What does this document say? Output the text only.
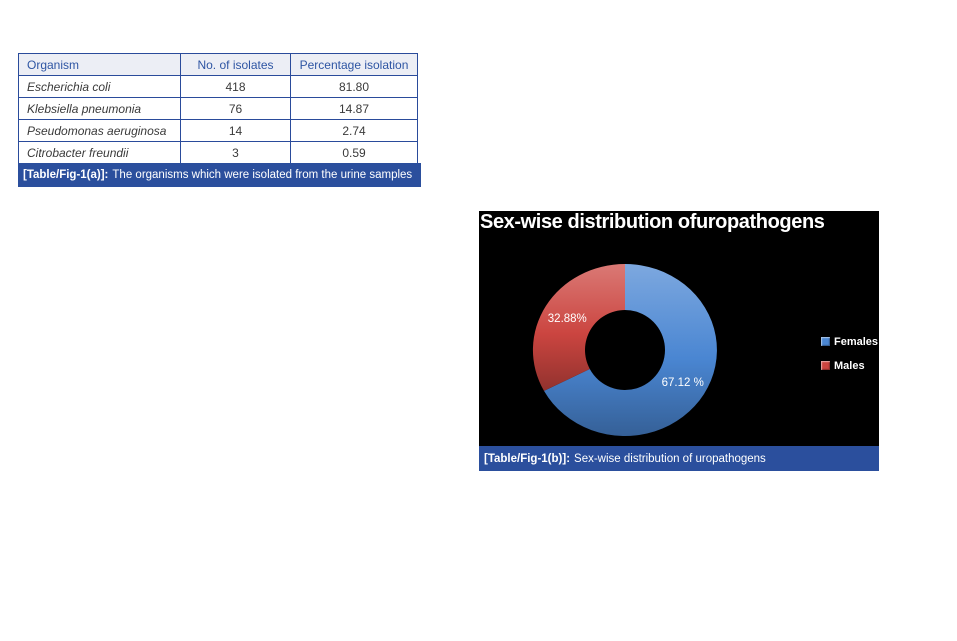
Organism	No. of isolates	Percentage isolation
Escherichia coli	418	81.80
Klebsiella pneumonia	76	14.87
Pseudomonas aeruginosa	14	2.74
Citrobacter freundii	3	0.59
[Table/Fig-1(a)]: The organisms which were isolated from the urine samples
67.12 %
32.88%
Sex-wise distribution ofuropathogens
Females
Males
[Table/Fig-1(b)]: Sex-wise distribution of uropathogens
